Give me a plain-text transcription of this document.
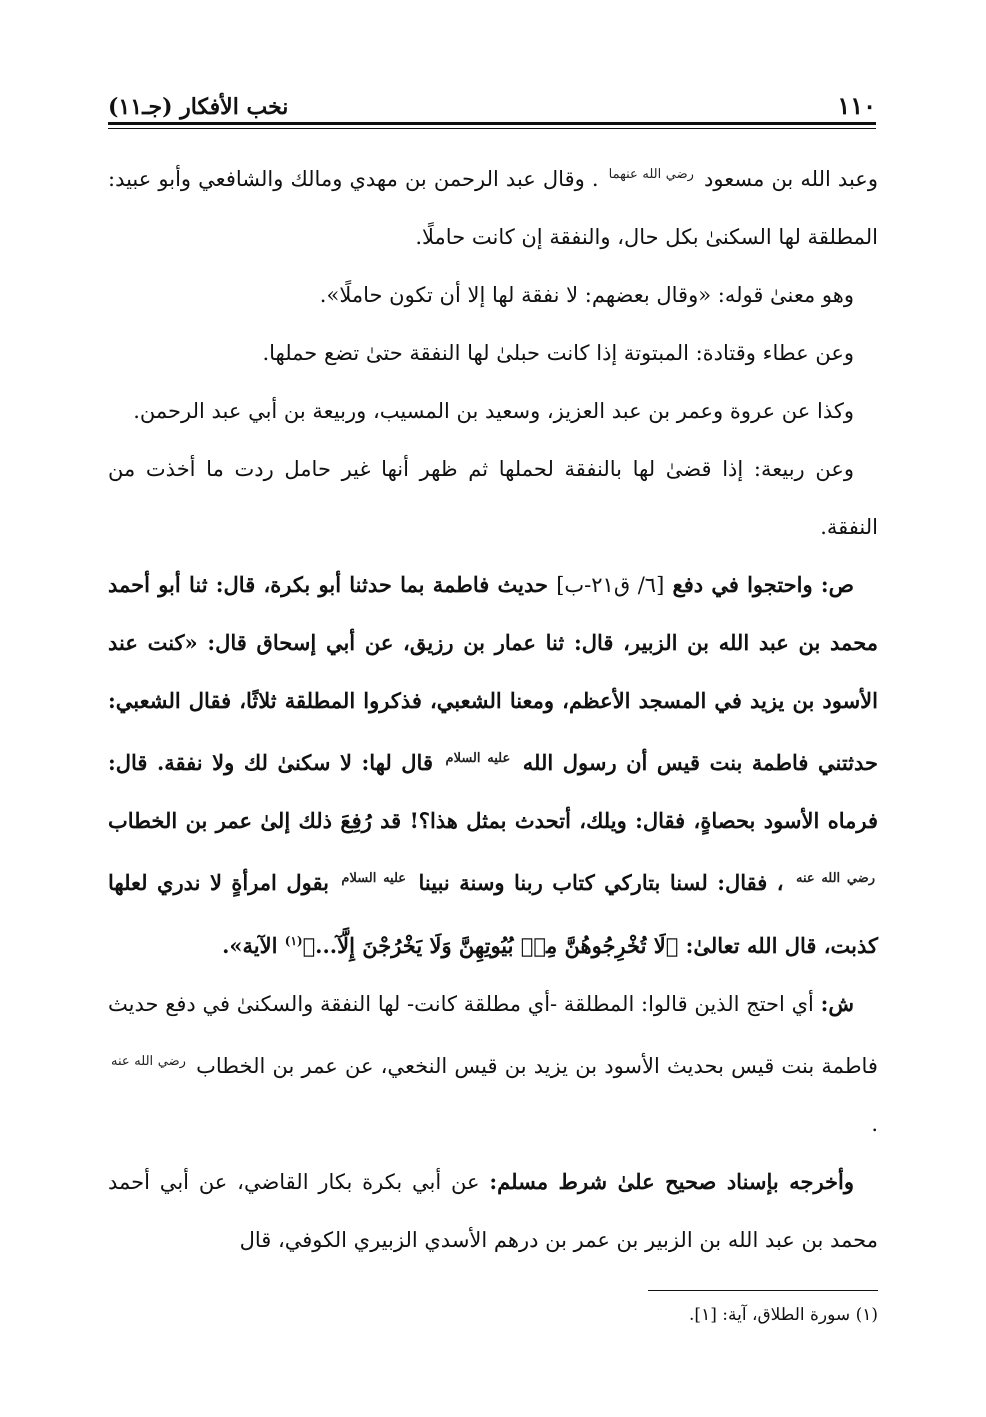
١١٠
نخب الأفكار (جـ١١)

وعبد الله بن مسعود $^{رضي الله عنهما}$ . وقال عبد الرحمن بن مهدي ومالك والشافعي وأبو عبيد: المطلقة لها السكنىٰ بكل حال، والنفقة إن كانت حاملًا.

وهو معنىٰ قوله: «وقال بعضهم: لا نفقة لها إلا أن تكون حاملًا».

وعن عطاء وقتادة: المبتوتة إذا كانت حبلىٰ لها النفقة حتىٰ تضع حملها.

وكذا عن عروة وعمر بن عبد العزيز، وسعيد بن المسيب، وربيعة بن أبي عبد الرحمن.

وعن ربيعة: إذا قضىٰ لها بالنفقة لحملها ثم ظهر أنها غير حامل ردت ما أخذت من النفقة.

ص: واحتجوا في دفع [٦/ ق٢١-ب] حديث فاطمة بما حدثنا أبو بكرة، قال: ثنا أبو أحمد محمد بن عبد الله بن الزبير، قال: ثنا عمار بن رزيق، عن أبي إسحاق قال: «كنت عند الأسود بن يزيد في المسجد الأعظم، ومعنا الشعبي، فذكروا المطلقة ثلاثًا، فقال الشعبي: حدثتني فاطمة بنت قيس أن رسول الله $^{عليه السلام}$ قال لها: لا سكنىٰ لك ولا نفقة. قال: فرماه الأسود بحصاةٍ، فقال: ويلك، أتحدث بمثل هذا؟! قد رُفِعَ ذلك إلىٰ عمر بن الخطاب $^{رضي الله عنه}$ ، فقال: لسنا بتاركي كتاب ربنا وسنة نبينا $^{عليه السلام}$ بقول امرأةٍ لا ندري لعلها كذبت، قال الله تعالىٰ: ﴿لَا تُخْرِجُوهُنَّ مِنۢ بُيُوتِهِنَّ وَلَا يَخْرُجْنَ إِلَّآ...﴾$^{(١)}$ الآية».

ش: أي احتج الذين قالوا: المطلقة -أي مطلقة كانت- لها النفقة والسكنىٰ في دفع حديث فاطمة بنت قيس بحديث الأسود بن يزيد بن قيس النخعي، عن عمر بن الخطاب $^{رضي الله عنه}$ .

وأخرجه بإسناد صحيح علىٰ شرط مسلم: عن أبي بكرة بكار القاضي، عن أبي أحمد محمد بن عبد الله بن الزبير بن عمر بن درهم الأسدي الزبيري الكوفي، قال

(١) سورة الطلاق، آية: [١].
